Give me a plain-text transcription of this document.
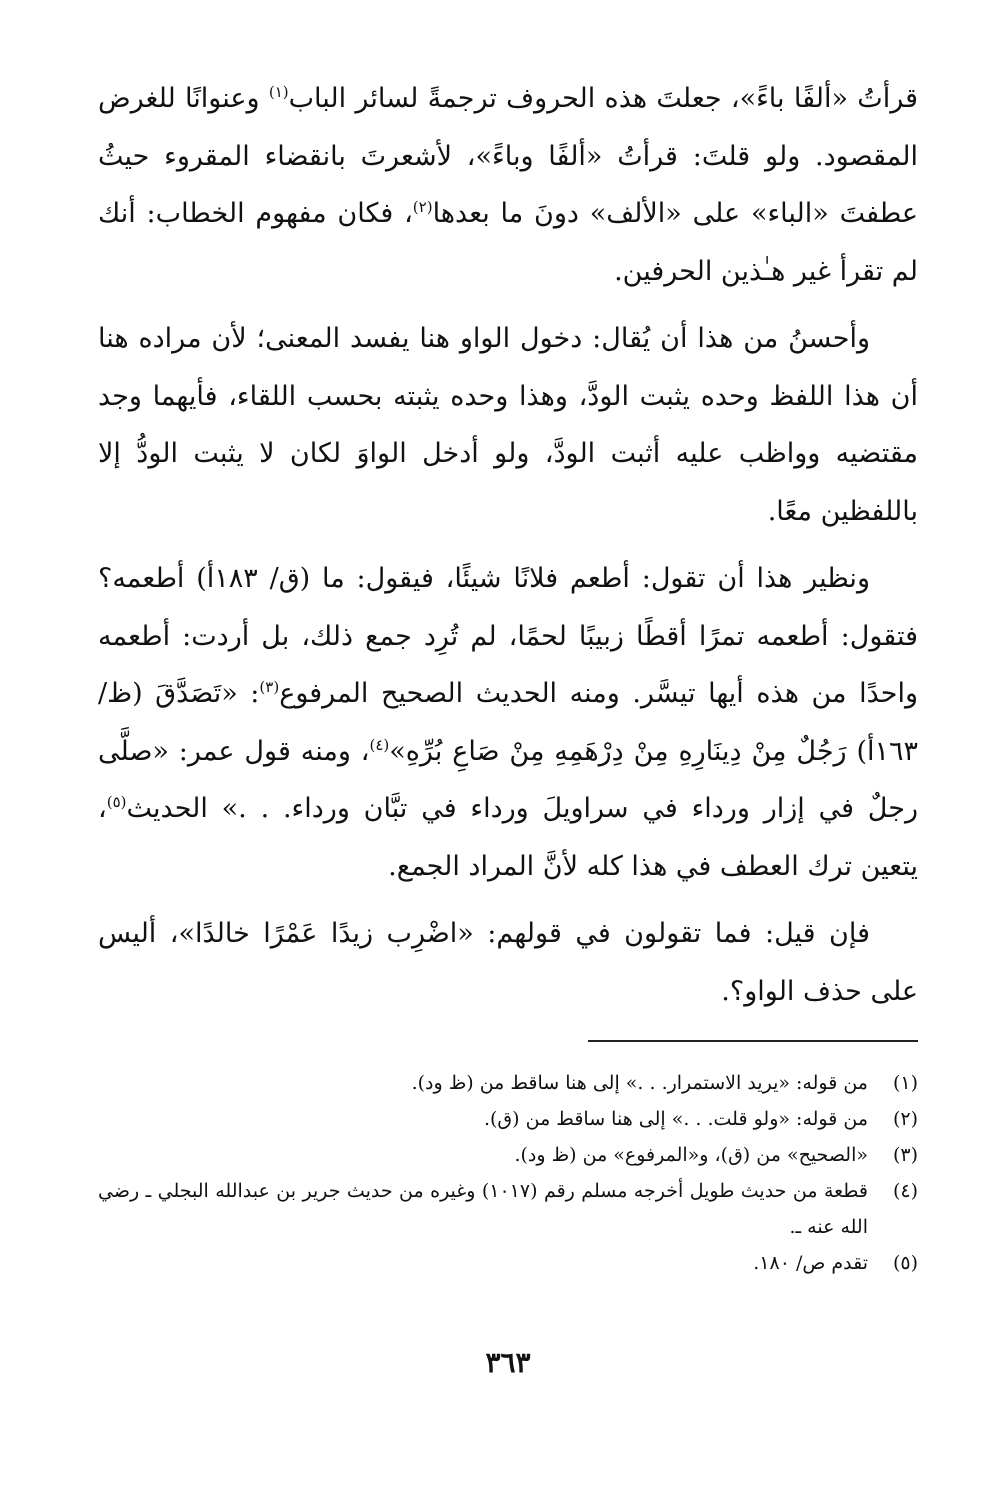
قرأتُ «ألفًا باءً»، جعلتَ هذه الحروف ترجمةً لسائر الباب$^{(١)}$ وعنوانًا للغرض المقصود. ولو قلتَ: قرأتُ «ألفًا وباءً»، لأشعرتَ بانقضاء المقروء حيثُ عطفتَ «الباء» على «الألف» دونَ ما بعدها$^{(٢)}$، فكان مفهوم الخطاب: أنك لم تقرأ غير هـٰذين الحرفين.

وأحسنُ من هذا أن يُقال: دخول الواو هنا يفسد المعنى؛ لأن مراده هنا أن هذا اللفظ وحده يثبت الودَّ، وهذا وحده يثبته بحسب اللقاء، فأيهما وجد مقتضيه وواظب عليه أثبت الودَّ، ولو أدخل الواوَ لكان لا يثبت الودُّ إلا باللفظين معًا.

ونظير هذا أن تقول: أطعم فلانًا شيئًا، فيقول: ما (ق/ ١٨٣أ) أطعمه؟ فتقول: أطعمه تمرًا أقطًا زبيبًا لحمًا، لم تُرِد جمع ذلك، بل أردت: أطعمه واحدًا من هذه أيها تيسَّر. ومنه الحديث الصحيح المرفوع$^{(٣)}$: «تَصَدَّقَ (ظ/١٦٣أ) رَجُلٌ مِنْ دِينَارِهِ مِنْ دِرْهَمِهِ مِنْ صَاعِ بُرِّهِ»$^{(٤)}$، ومنه قول عمر: «صلَّى رجلٌ في إزار ورداء في سراويلَ ورداء في تبَّان ورداء. . .» الحديث$^{(٥)}$، يتعين ترك العطف في هذا كله لأنَّ المراد الجمع.

فإن قيل: فما تقولون في قولهم: «اضْرِب زيدًا عَمْرًا خالدًا»، أليس على حذف الواو؟.

(١)
من قوله: «يريد الاستمرار. . .» إلى هنا ساقط من (ظ ود).
(٢)
من قوله: «ولو قلت. . .» إلى هنا ساقط من (ق).
(٣)
«الصحيح» من (ق)، و«المرفوع» من (ظ ود).
(٤)
قطعة من حديث طويل أخرجه مسلم رقم (١٠١٧) وغيره من حديث جرير بن عبدالله البجلي ـ رضي الله عنه ـ.
(٥)
تقدم ص/ ١٨٠.
٣٦٣
